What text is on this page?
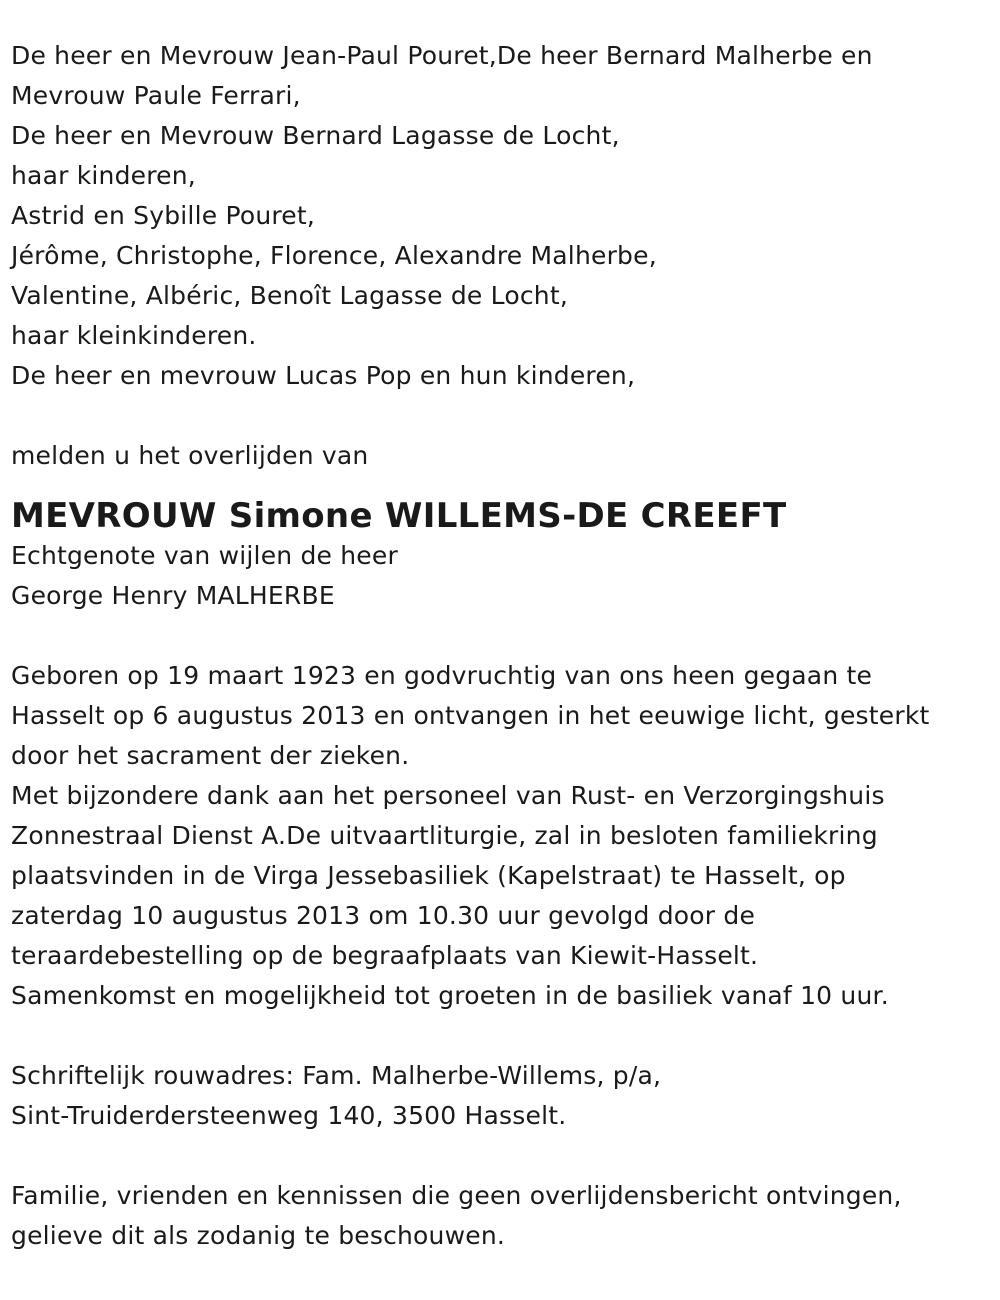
De heer en Mevrouw Jean-Paul Pouret,De heer Bernard Malherbe en
Mevrouw Paule Ferrari,
De heer en Mevrouw Bernard Lagasse de Locht,
haar kinderen,
Astrid en Sybille Pouret,
Jérôme, Christophe, Florence, Alexandre Malherbe,
Valentine, Albéric, Benoît Lagasse de Locht,
haar kleinkinderen.
De heer en mevrouw Lucas Pop en hun kinderen,
melden u het overlijden van
MEVROUW Simone WILLEMS-DE CREEFT
Echtgenote van wijlen de heer
George Henry MALHERBE
Geboren op 19 maart 1923 en godvruchtig van ons heen gegaan te
Hasselt op 6 augustus 2013 en ontvangen in het eeuwige licht, gesterkt
door het sacrament der zieken.
Met bijzondere dank aan het personeel van Rust- en Verzorgingshuis
Zonnestraal Dienst A.De uitvaartliturgie, zal in besloten familiekring
plaatsvinden in de Virga Jessebasiliek (Kapelstraat) te Hasselt, op
zaterdag 10 augustus 2013 om 10.30 uur gevolgd door de
teraardebestelling op de begraafplaats van Kiewit-Hasselt.
Samenkomst en mogelijkheid tot groeten in de basiliek vanaf 10 uur.
Schriftelijk rouwadres: Fam. Malherbe-Willems, p/a,
Sint-Truiderdersteenweg 140, 3500 Hasselt.
Familie, vrienden en kennissen die geen overlijdensbericht ontvingen,
gelieve dit als zodanig te beschouwen.
